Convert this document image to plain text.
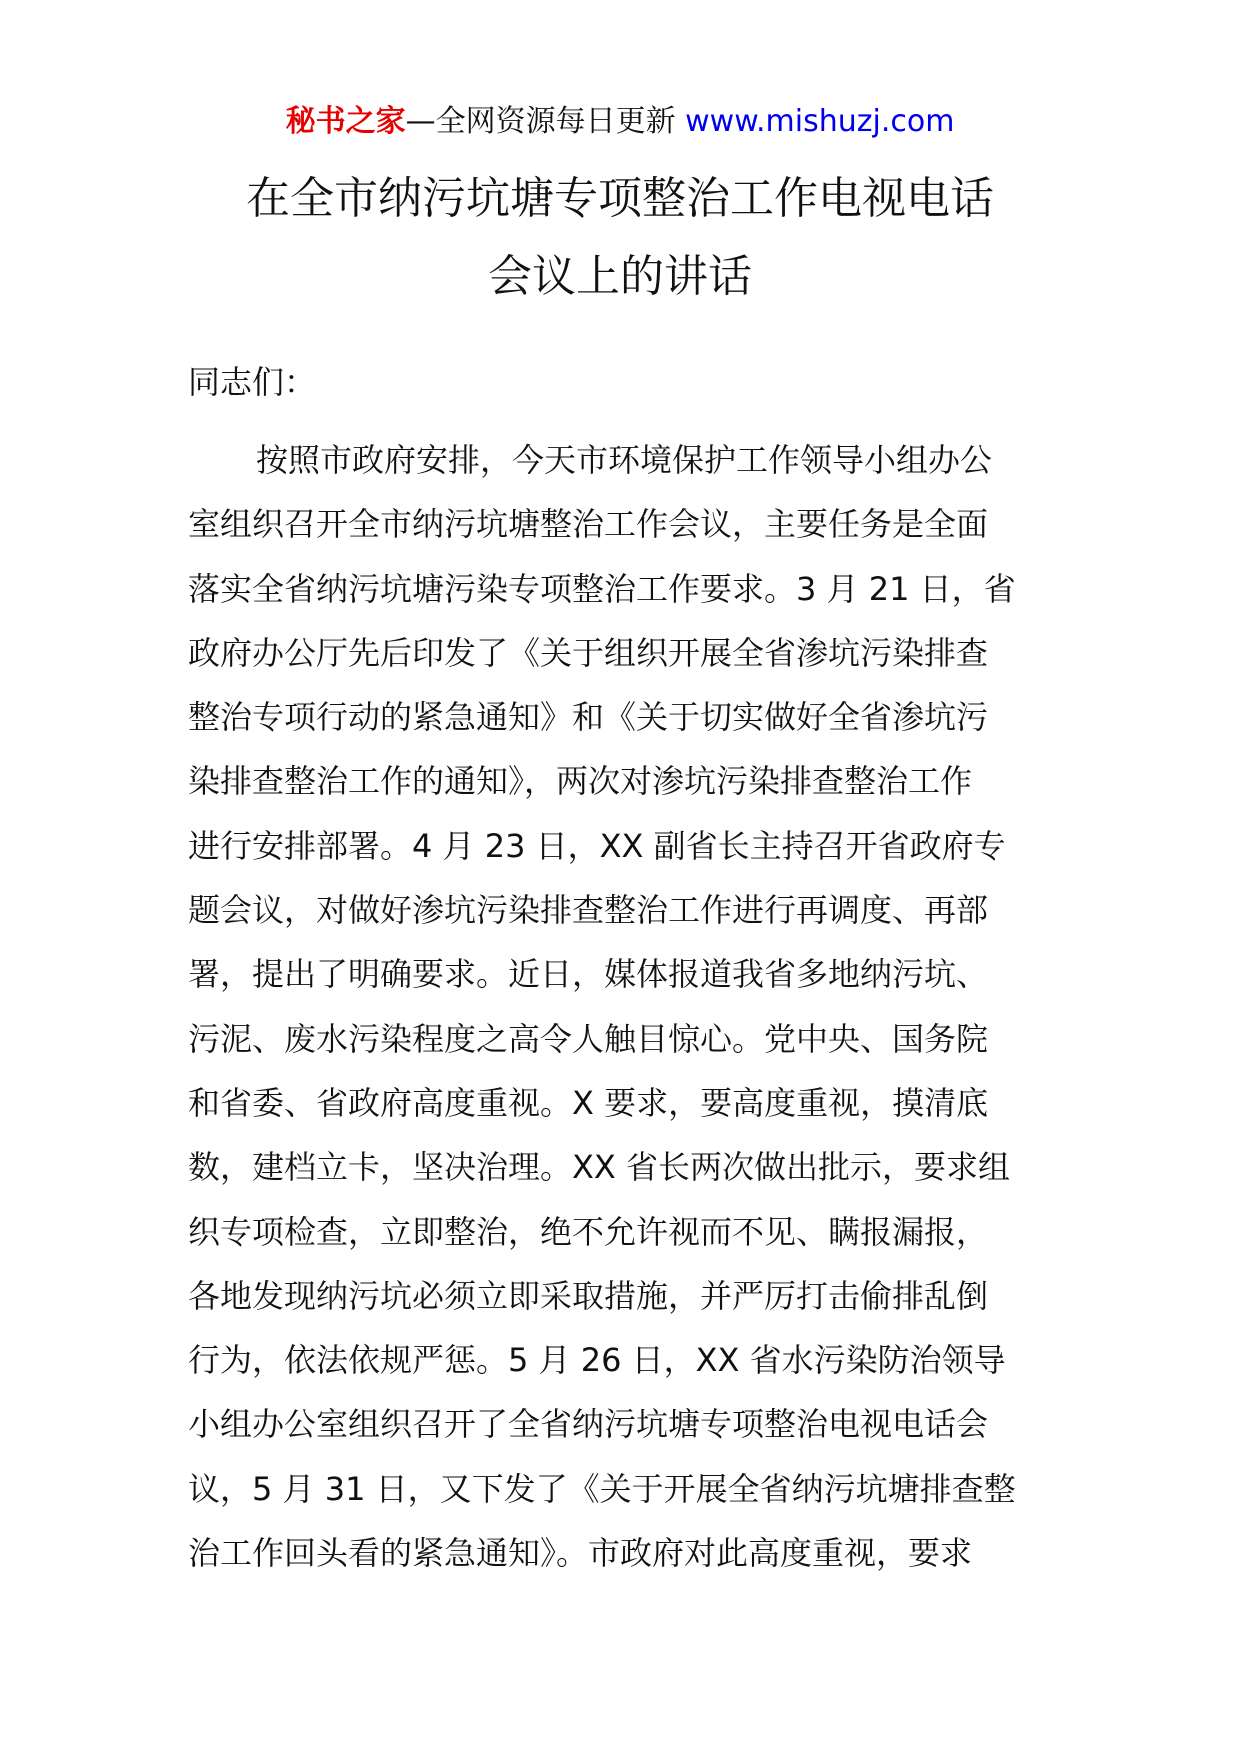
秘书之家—全网资源每日更新 www.mishuzj.com
在全市纳污坑塘专项整治工作电视电话
会议上的讲话
同志们：
按照市政府安排，今天市环境保护工作领导小组办公
室组织召开全市纳污坑塘整治工作会议，主要任务是全面
落实全省纳污坑塘污染专项整治工作要求。3 月 21 日，省
政府办公厅先后印发了《关于组织开展全省渗坑污染排查
整治专项行动的紧急通知》和《关于切实做好全省渗坑污
染排查整治工作的通知》，两次对渗坑污染排查整治工作
进行安排部署。4 月 23 日，XX 副省长主持召开省政府专
题会议，对做好渗坑污染排查整治工作进行再调度、再部
署，提出了明确要求。近日，媒体报道我省多地纳污坑、
污泥、废水污染程度之高令人触目惊心。党中央、国务院
和省委、省政府高度重视。X 要求，要高度重视，摸清底
数，建档立卡，坚决治理。XX 省长两次做出批示，要求组
织专项检查，立即整治，绝不允许视而不见、瞒报漏报，
各地发现纳污坑必须立即采取措施，并严厉打击偷排乱倒
行为，依法依规严惩。5 月 26 日，XX 省水污染防治领导
小组办公室组织召开了全省纳污坑塘专项整治电视电话会
议，5 月 31 日，又下发了《关于开展全省纳污坑塘排查整
治工作回头看的紧急通知》。市政府对此高度重视，要求
